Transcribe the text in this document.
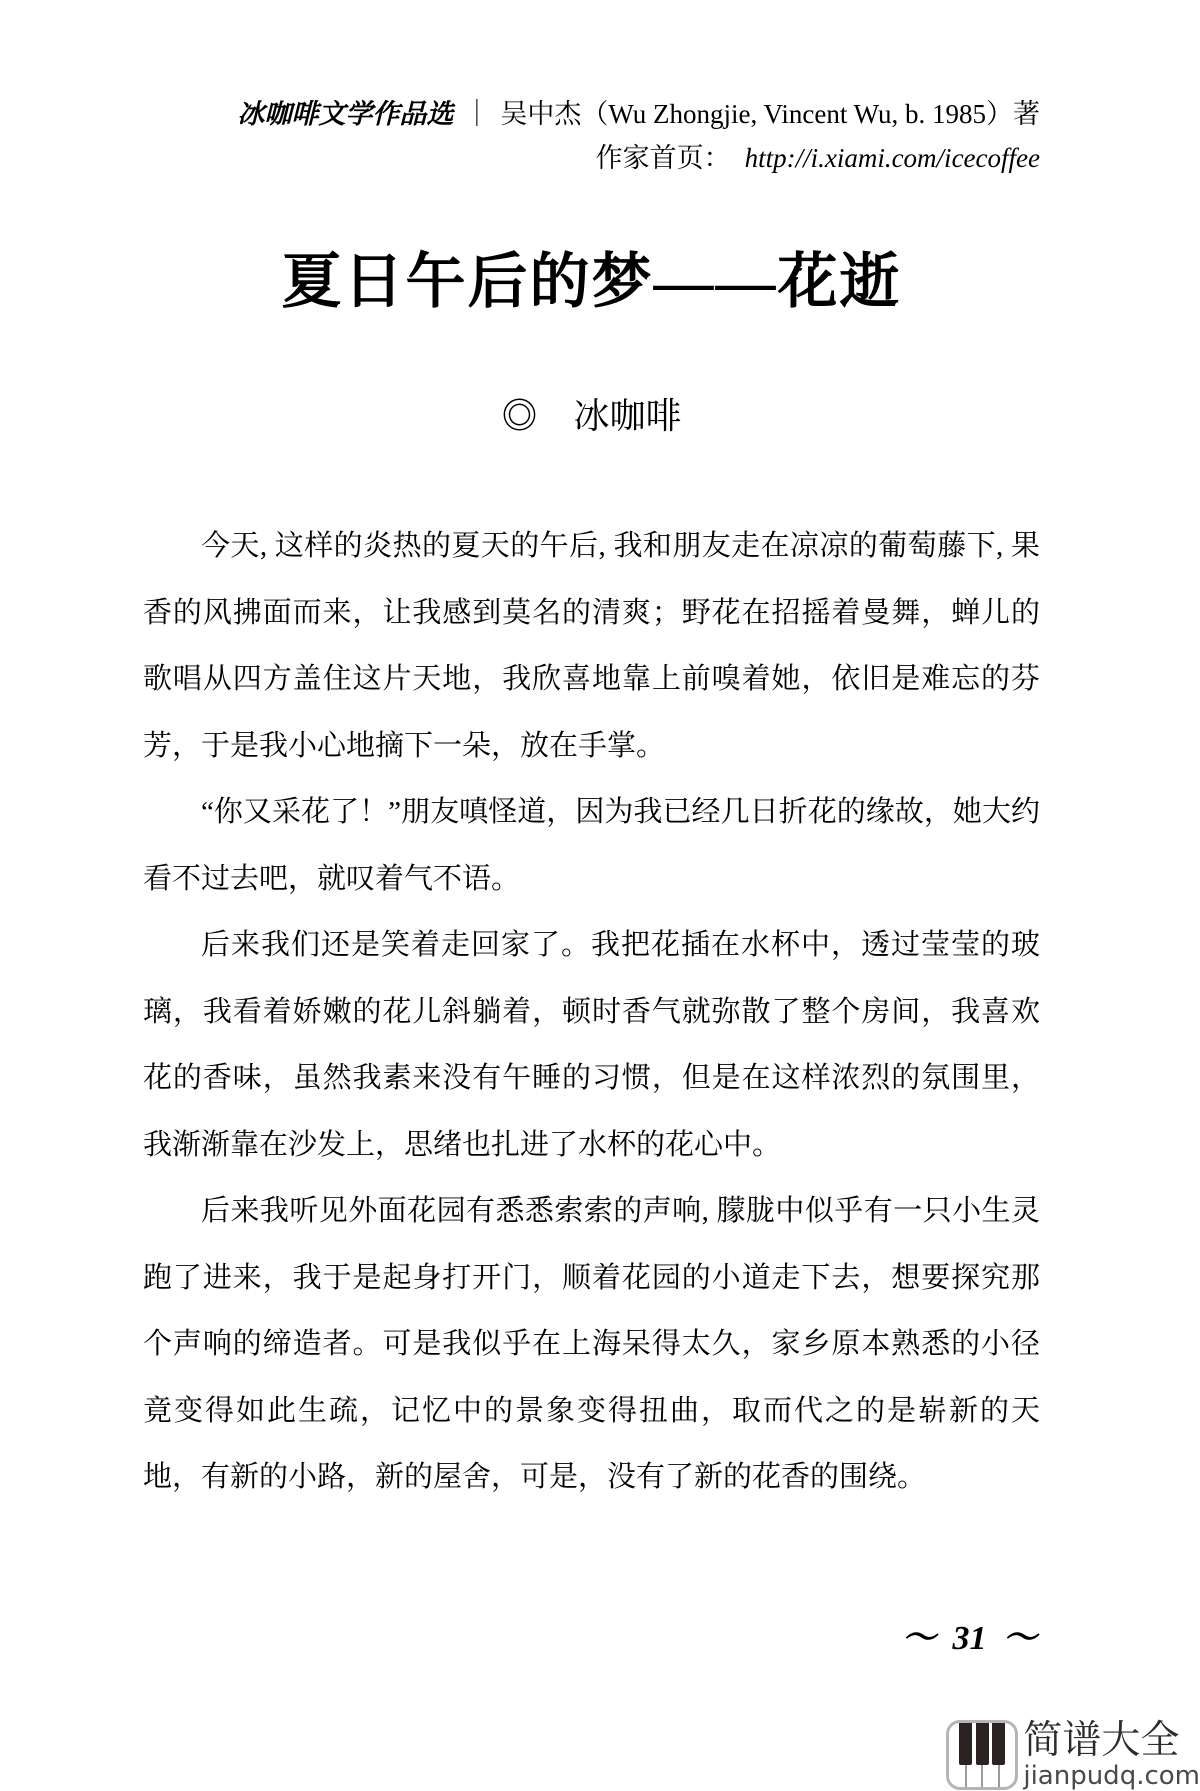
冰咖啡文学作品选 ｜ 吴中杰（Wu Zhongjie, Vincent Wu, b. 1985）著
作家首页： http://i.xiami.com/icecoffee
夏日午后的梦——花逝
◎　冰咖啡

今天, 这样的炎热的夏天的午后, 我和朋友走在凉凉的葡萄藤下, 果香的风拂面而来，让我感到莫名的清爽；野花在招摇着曼舞，蝉儿的歌唱从四方盖住这片天地，我欣喜地靠上前嗅着她，依旧是难忘的芬芳，于是我小心地摘下一朵，放在手掌。

“你又采花了！”朋友嗔怪道，因为我已经几日折花的缘故，她大约看不过去吧，就叹着气不语。

后来我们还是笑着走回家了。我把花插在水杯中，透过莹莹的玻璃，我看着娇嫩的花儿斜躺着，顿时香气就弥散了整个房间，我喜欢花的香味，虽然我素来没有午睡的习惯，但是在这样浓烈的氛围里，我渐渐靠在沙发上，思绪也扎进了水杯的花心中。

后来我听见外面花园有悉悉索索的声响, 朦胧中似乎有一只小生灵跑了进来，我于是起身打开门，顺着花园的小道走下去，想要探究那个声响的缔造者。可是我似乎在上海呆得太久，家乡原本熟悉的小径竟变得如此生疏，记忆中的景象变得扭曲，取而代之的是崭新的天地，有新的小路，新的屋舍，可是，没有了新的花香的围绕。

～ 31 ～
简谱大全
jianpudq.com
